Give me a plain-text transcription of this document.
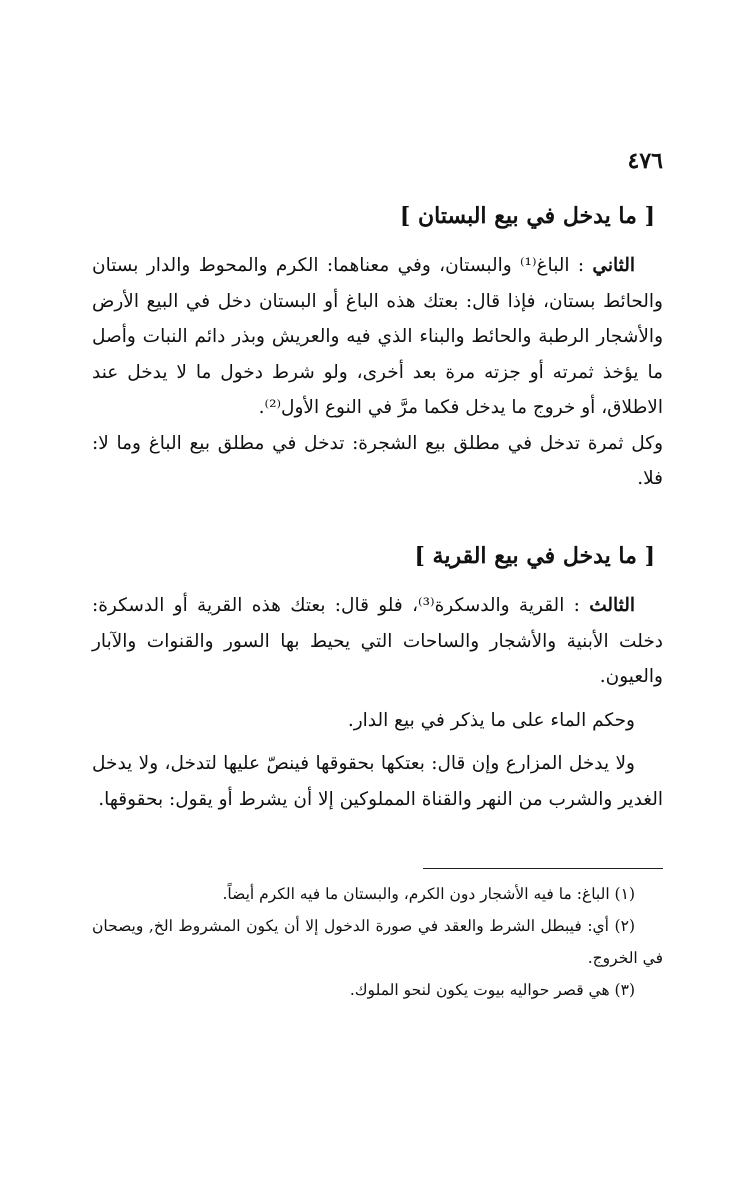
٤٧٦
[ ما يدخل في بيع البستان ]

الثاني : الباغ⁽¹⁾ والبستان، وفي معناهما: الكرم والمحوط والدار بستان والحائط بستان، فإذا قال: بعتك هذه الباغ أو البستان دخل في البيع الأرض والأشجار الرطبة والحائط والبناء الذي فيه والعريش وبذر دائم النبات وأصل ما يؤخذ ثمرته أو جزته مرة بعد أخرى، ولو شرط دخول ما لا يدخل عند الاطلاق، أو خروج ما يدخل فكما مرَّ في النوع الأول⁽²⁾.

وكل ثمرة تدخل في مطلق بيع الشجرة: تدخل في مطلق بيع الباغ وما لا: فلا.

[ ما يدخل في بيع القرية ]

الثالث : القرية والدسكرة⁽³⁾، فلو قال: بعتك هذه القرية أو الدسكرة: دخلت الأبنية والأشجار والساحات التي يحيط بها السور والقنوات والآبار والعيون.

وحكم الماء على ما يذكر في بيع الدار.

ولا يدخل المزارع وإن قال: بعتكها بحقوقها فينصّ عليها لتدخل، ولا يدخل الغدير والشرب من النهر والقناة المملوكين إلا أن يشرط أو يقول: بحقوقها.

(١) الباغ: ما فيه الأشجار دون الكرم، والبستان ما فيه الكرم أيضاً.

(٢) أي: فيبطل الشرط والعقد في صورة الدخول إلا أن يكون المشروط الخ, ويصحان في الخروج.

(٣) هي قصر حواليه بيوت يكون لنحو الملوك.
